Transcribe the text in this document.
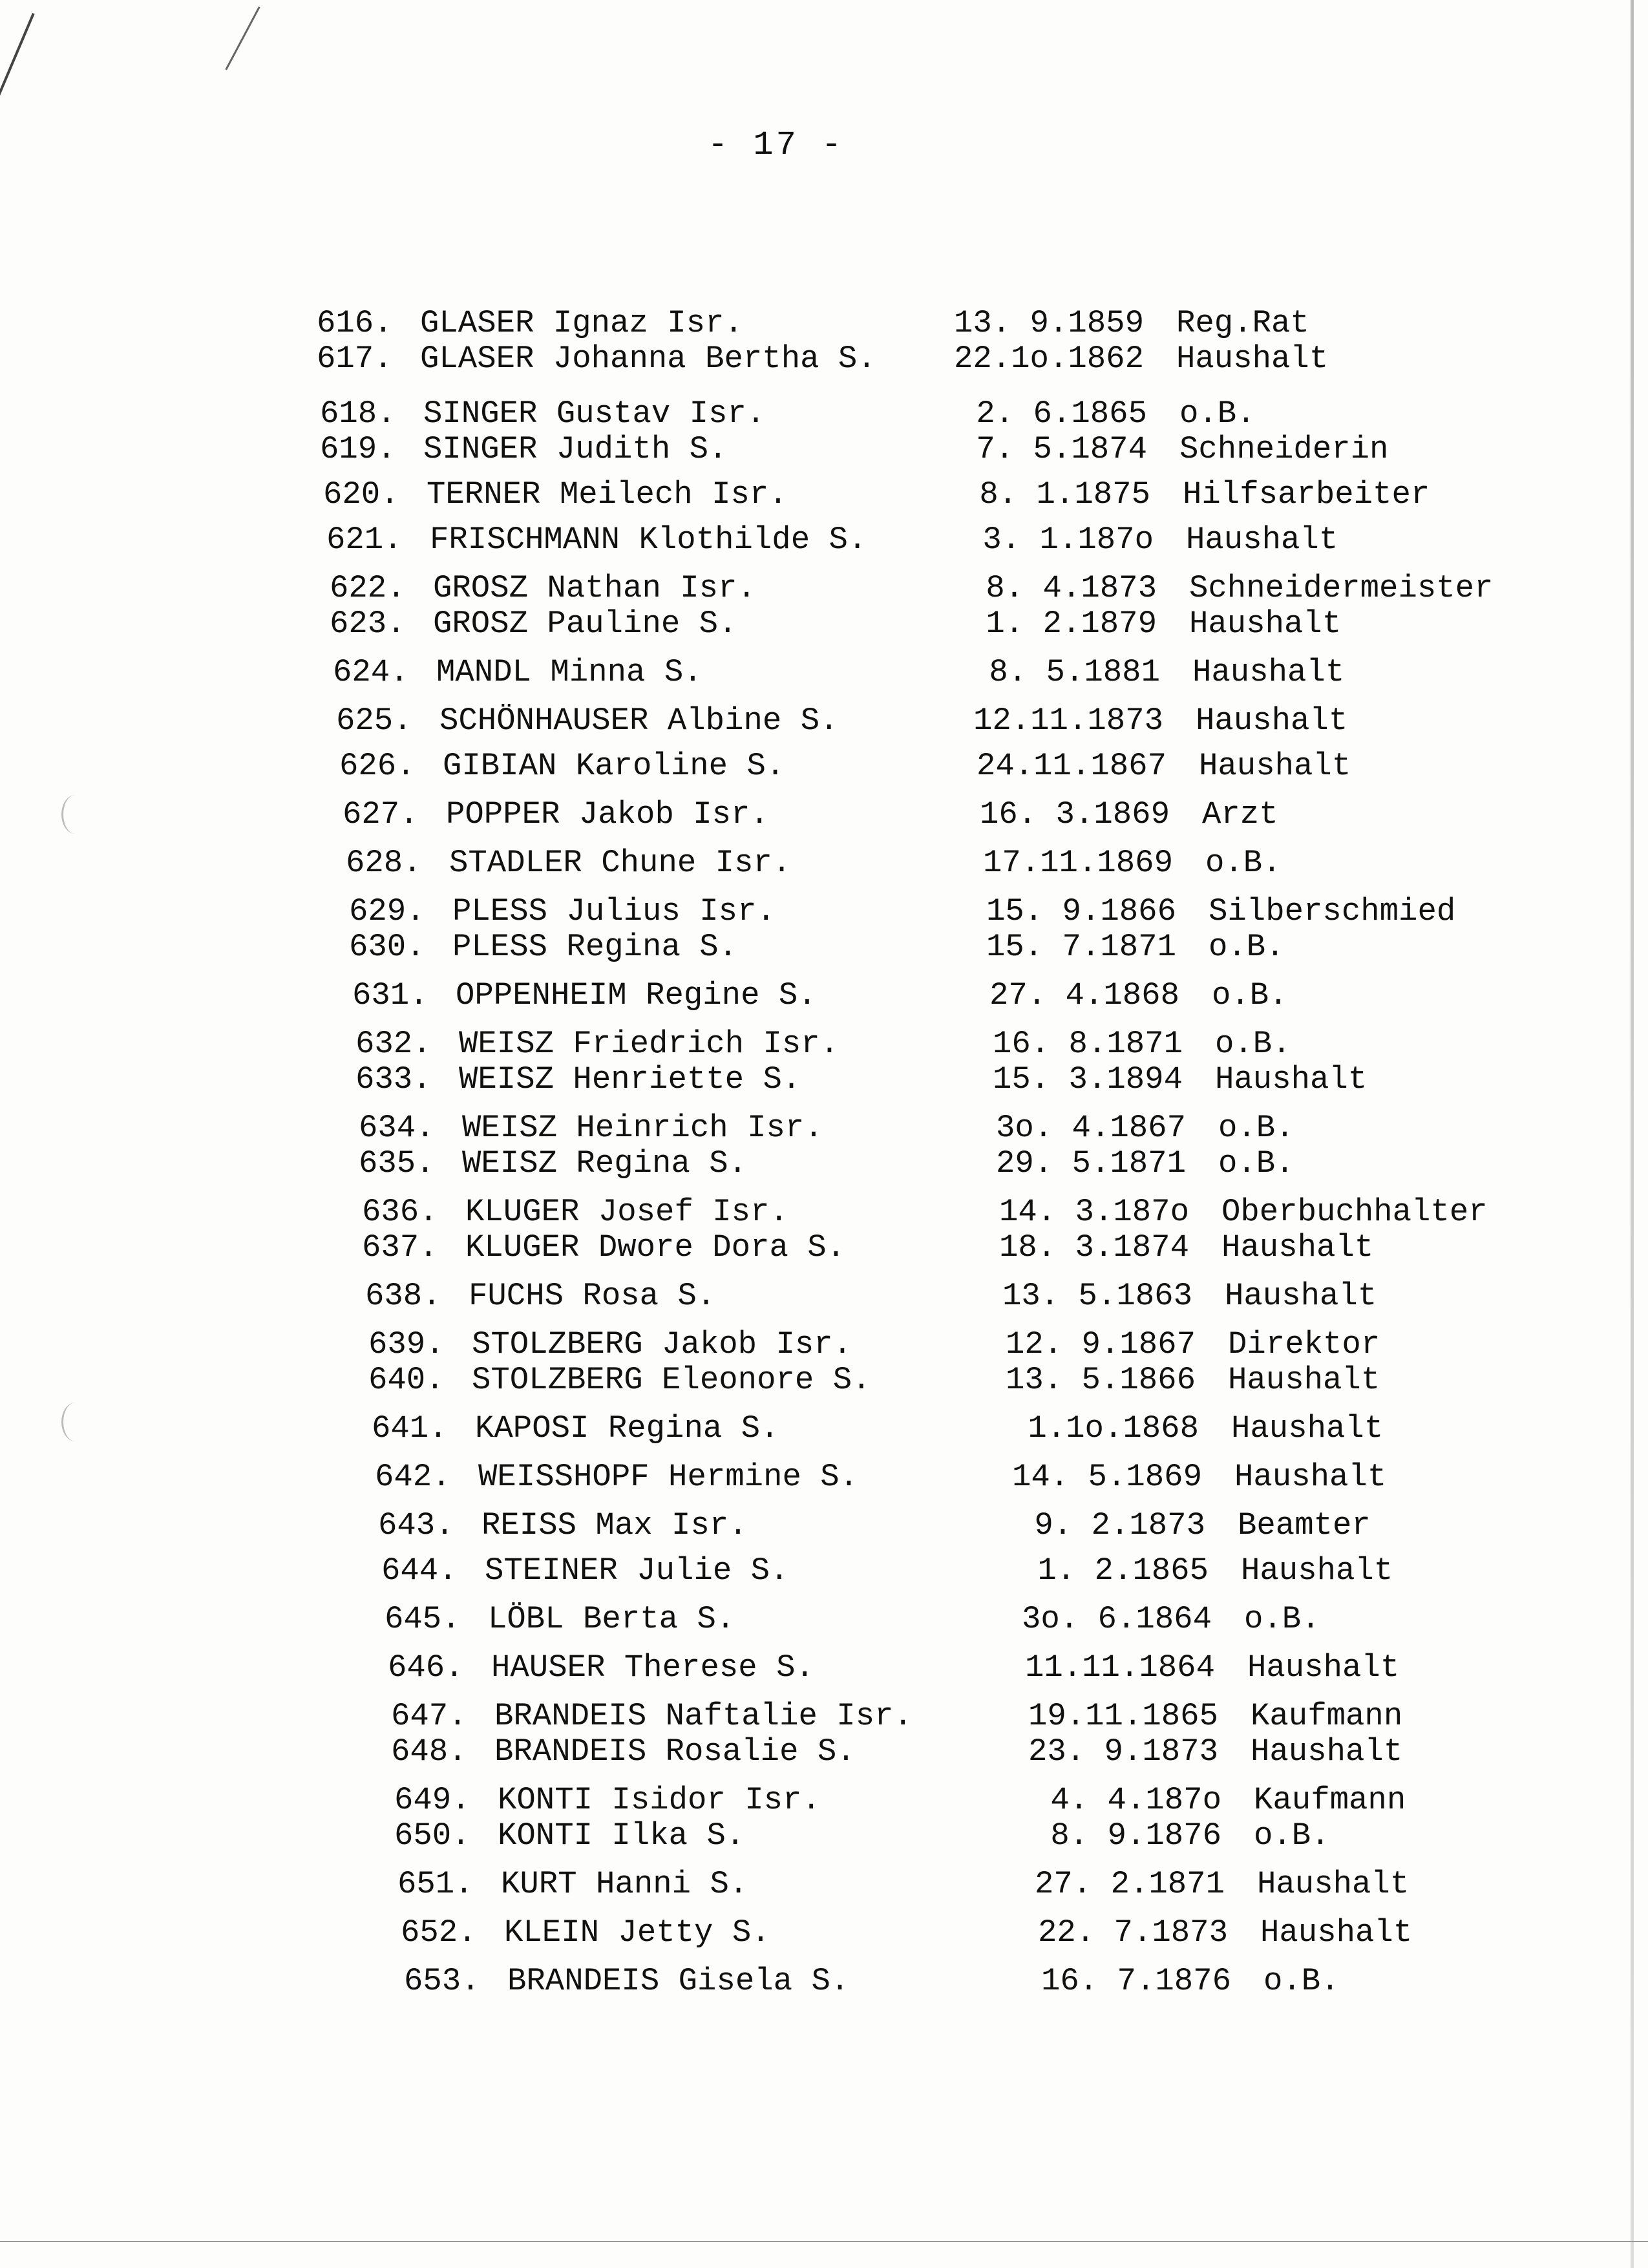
- 17 -
616. GLASER Ignaz Isr.	13. 9.1859 Reg.Rat
617. GLASER Johanna Bertha S.	22.1o.1862 Haushalt
618. SINGER Gustav Isr.	2. 6.1865 o.B.
619. SINGER Judith S.	7. 5.1874 Schneiderin
620. TERNER Meilech Isr.	8. 1.1875 Hilfsarbeiter
621. FRISCHMANN Klothilde S.	3. 1.187o Haushalt
622. GROSZ Nathan Isr.	8. 4.1873 Schneidermeister
623. GROSZ Pauline S.	1. 2.1879 Haushalt
624. MANDL Minna S.	8. 5.1881 Haushalt
625. SCHÖNHAUSER Albine S.	12.11.1873 Haushalt
626. GIBIAN Karoline S.	24.11.1867 Haushalt
627. POPPER Jakob Isr.	16. 3.1869 Arzt
628. STADLER Chune Isr.	17.11.1869 o.B.
629. PLESS Julius Isr.	15. 9.1866 Silberschmied
630. PLESS Regina S.	15. 7.1871 o.B.
631. OPPENHEIM Regine S.	27. 4.1868 o.B.
632. WEISZ Friedrich Isr.	16. 8.1871 o.B.
633. WEISZ Henriette S.	15. 3.1894 Haushalt
634. WEISZ Heinrich Isr.	3o. 4.1867 o.B.
635. WEISZ Regina S.	29. 5.1871 o.B.
636. KLUGER Josef Isr.	14. 3.187o Oberbuchhalter
637. KLUGER Dwore Dora S.	18. 3.1874 Haushalt
638. FUCHS Rosa S.	13. 5.1863 Haushalt
639. STOLZBERG Jakob Isr.	12. 9.1867 Direktor
640. STOLZBERG Eleonore S.	13. 5.1866 Haushalt
641. KAPOSI Regina S.	1.1o.1868 Haushalt
642. WEISSHOPF Hermine S.	14. 5.1869 Haushalt
643. REISS Max Isr.	9. 2.1873 Beamter
644. STEINER Julie S.	1. 2.1865 Haushalt
645. LÖBL Berta S.	3o. 6.1864 o.B.
646. HAUSER Therese S.	11.11.1864 Haushalt
647. BRANDEIS Naftalie Isr.	19.11.1865 Kaufmann
648. BRANDEIS Rosalie S.	23. 9.1873 Haushalt
649. KONTI Isidor Isr.	4. 4.187o Kaufmann
650. KONTI Ilka S.	8. 9.1876 o.B.
651. KURT Hanni S.	27. 2.1871 Haushalt
652. KLEIN Jetty S.	22. 7.1873 Haushalt
653. BRANDEIS Gisela S.	16. 7.1876 o.B.
